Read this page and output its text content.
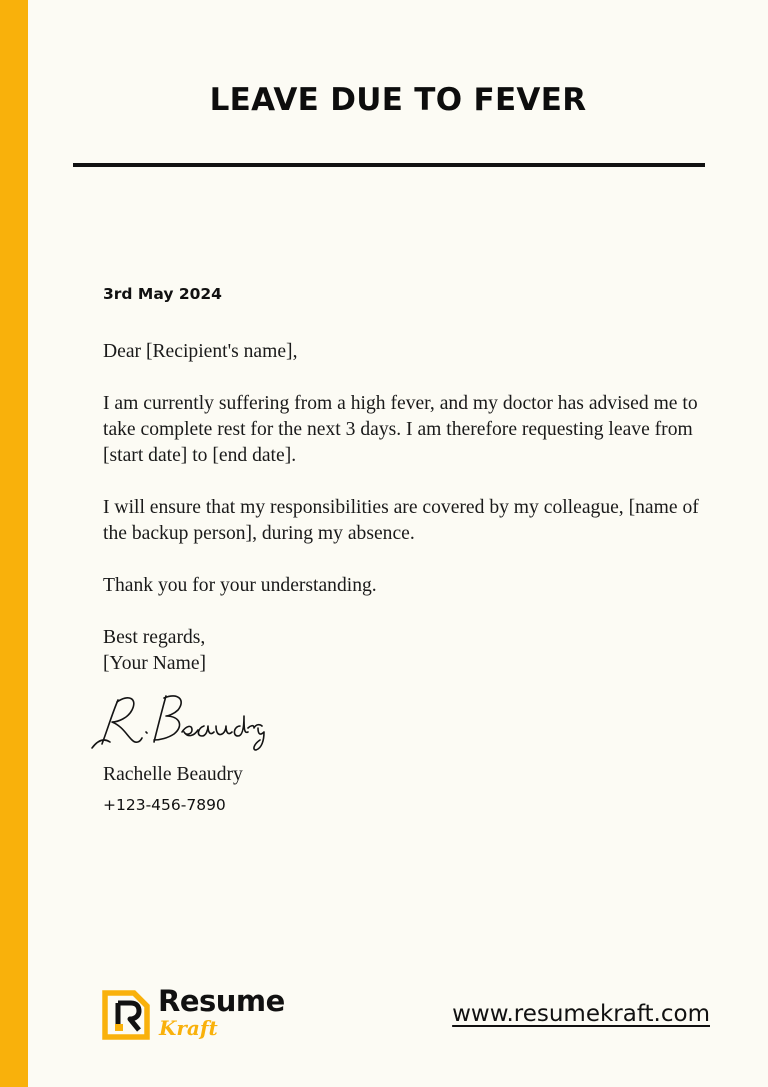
LEAVE DUE TO FEVER
3rd May 2024
Dear [Recipient's name],
I am currently suffering from a high fever, and my doctor has advised me to take complete rest for the next 3 days. I am therefore requesting leave from [start date] to [end date].
I will ensure that my responsibilities are covered by my colleague, [name of the backup person], during my absence.
Thank you for your understanding.
Best regards,
[Your Name]
Rachelle Beaudry
+123-456-7890
Resume
Kraft
www.resumekraft.com
